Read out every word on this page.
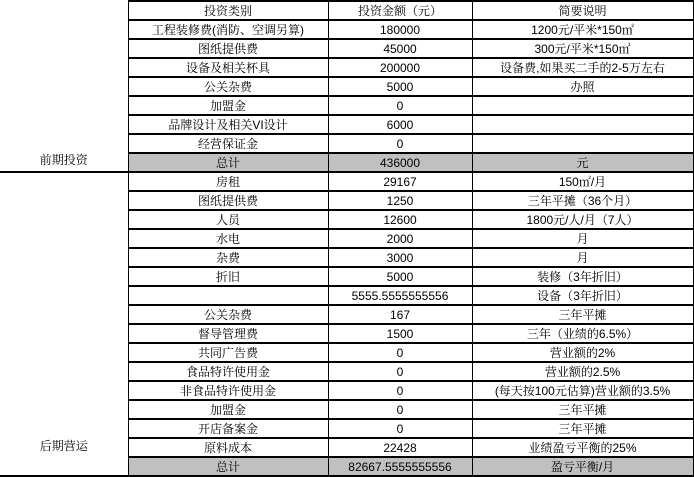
前期投资	投资类别	投资金额（元）	简要说明
	工程装修费(消防、空调另算)	180000	1200元/平米*150㎡
	图纸提供费	45000	300元/平米*150㎡
	设备及相关杯具	200000	设备费,如果买二手的2-5万左右
	公关杂费	5000	办照
	加盟金	0	
	品牌设计及相关VI设计	6000	
	经营保证金	0	
	总计	436000	元
后期营运	房租	29167	150㎡/月
	图纸提供费	1250	三年平摊（36个月）
	人员	12600	1800元/人/月（7人）
	水电	2000	月
	杂费	3000	月
	折旧	5000	装修（3年折旧）
		5555.5555555556	设备（3年折旧）
	公关杂费	167	三年平摊
	督导管理费	1500	三年（业绩的6.5%）
	共同广告费	0	营业额的2%
	食品特许使用金	0	营业额的2.5%
	非食品特许使用金	0	(每天按100元估算)营业额的3.5%
	加盟金	0	三年平摊
	开店备案金	0	三年平摊
	原料成本	22428	业绩盈亏平衡的25%
	总计	82667.5555555556	盈亏平衡/月
